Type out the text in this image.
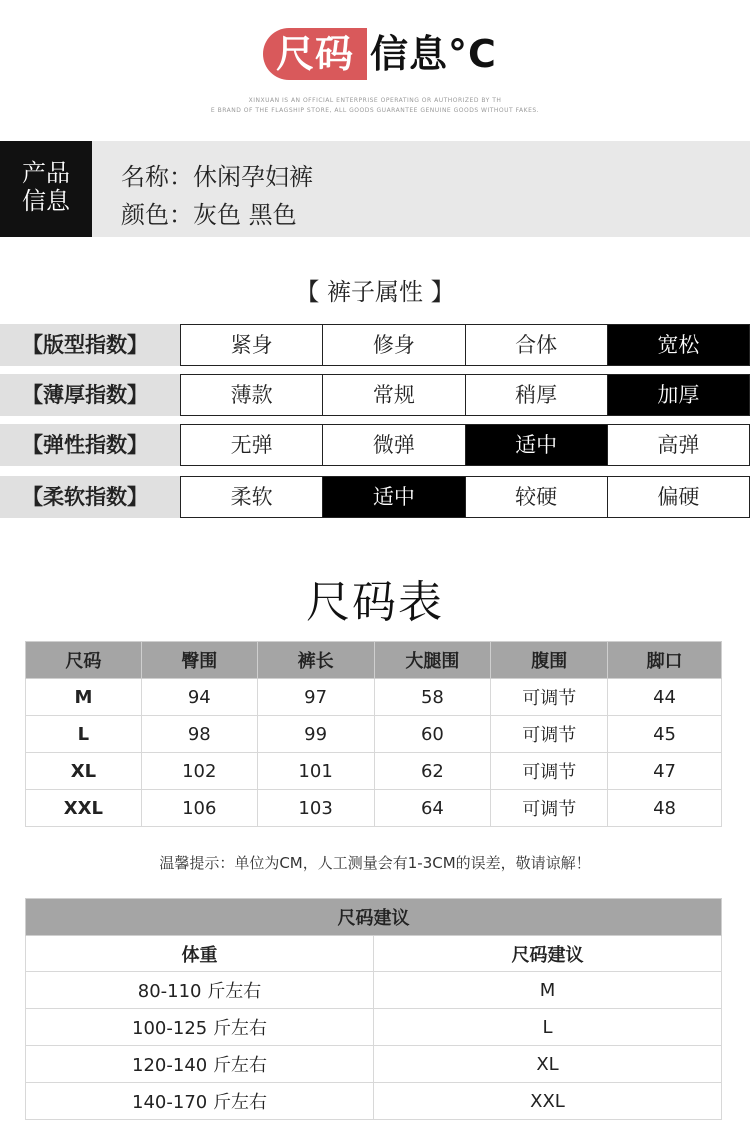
尺码 信息°C
XINXUAN IS AN OFFICIAL ENTERPRISE OPERATING OR AUTHORIZED BY TH
E BRAND OF THE FLAGSHIP STORE, ALL GOODS GUARANTEE GENUINE GOODS WITHOUT FAKES.
产品
信息
名称：休闲孕妇裤
颜色：灰色 黑色
【 裤子属性 】
【版型指数】	紧身	修身	合体	宽松
【薄厚指数】	薄款	常规	稍厚	加厚
【弹性指数】	无弹	微弹	适中	高弹
【柔软指数】	柔软	适中	较硬	偏硬
尺码表
尺码	臀围	裤长	大腿围	腹围	脚口
M	94	97	58	可调节	44
L	98	99	60	可调节	45
XL	102	101	62	可调节	47
XXL	106	103	64	可调节	48
温馨提示：单位为CM，人工测量会有1-3CM的误差，敬请谅解！
尺码建议	
体重	尺码建议
80-110 斤左右	M
100-125 斤左右	L
120-140 斤左右	XL
140-170 斤左右	XXL
